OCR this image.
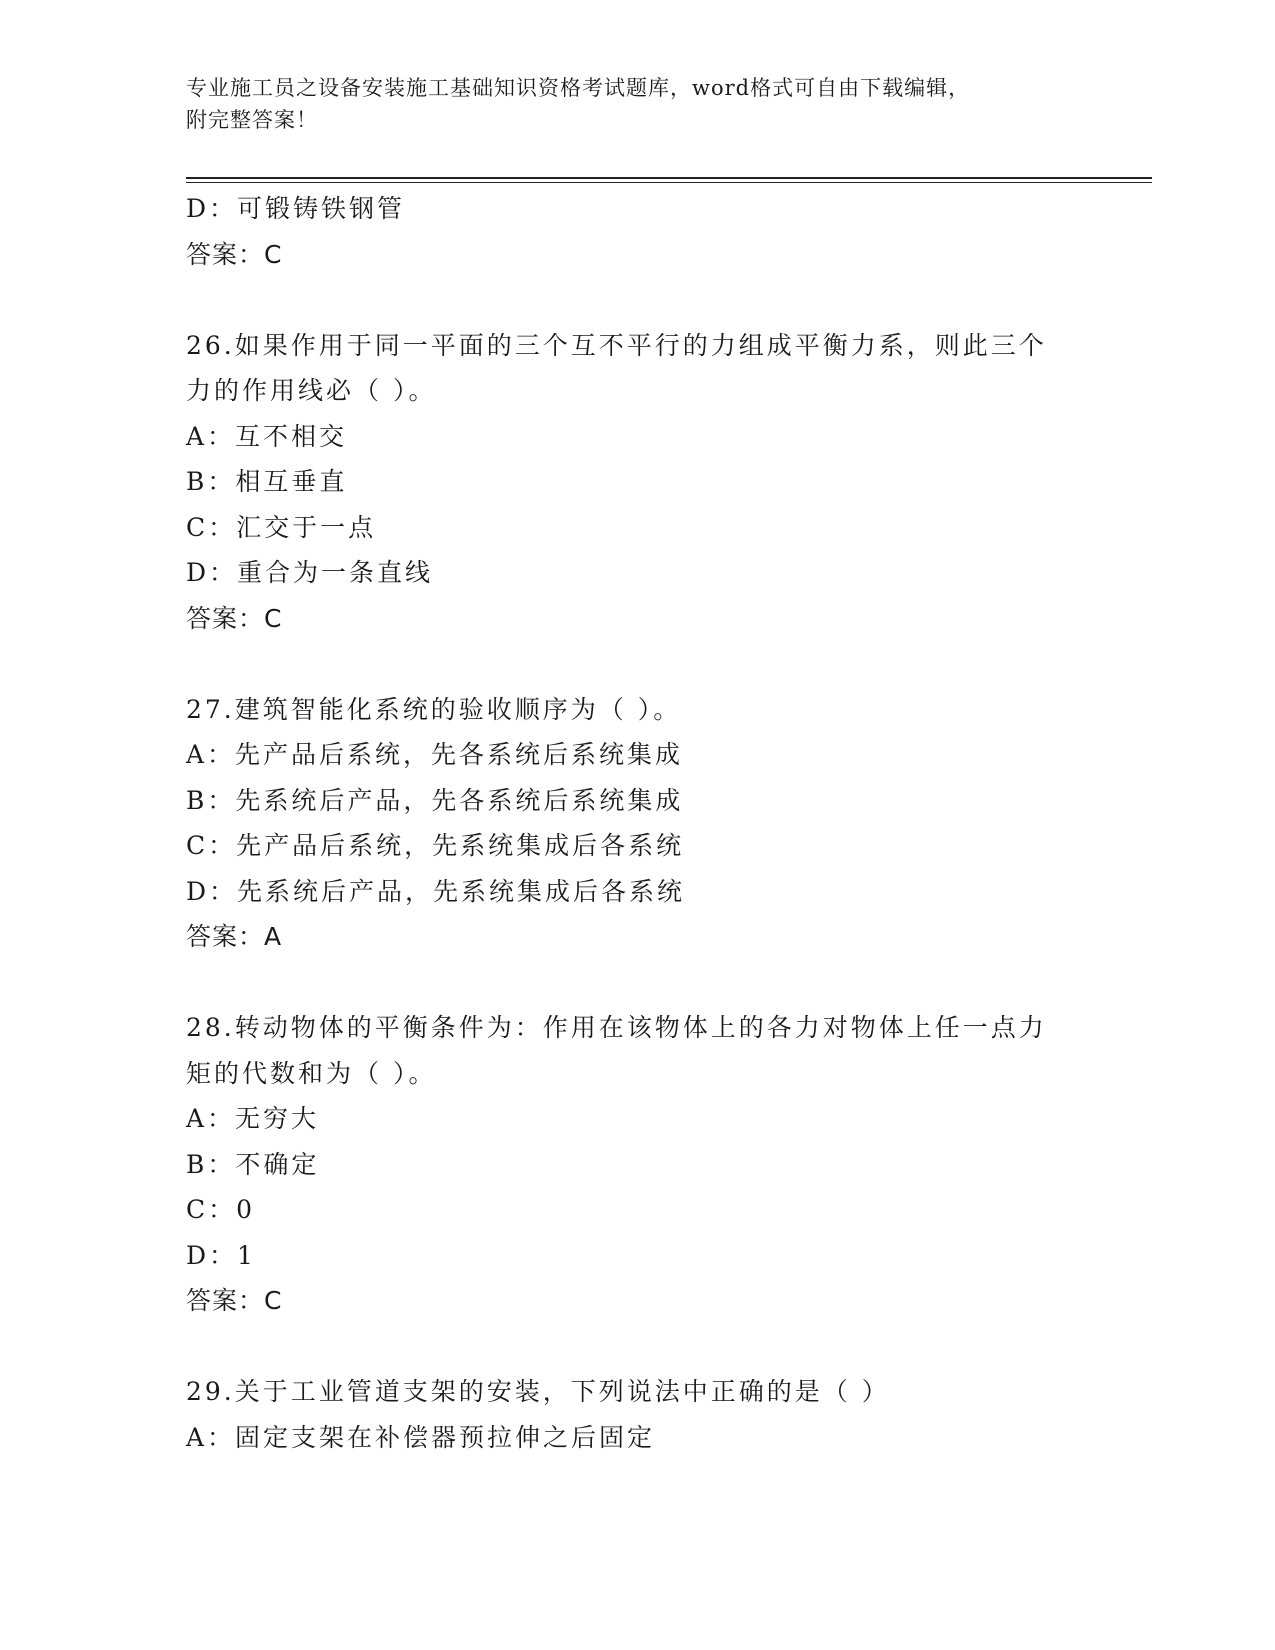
专业施工员之设备安装施工基础知识资格考试题库，word格式可自由下载编辑，
附完整答案！
D：可锻铸铁钢管
答案：C
26.如果作用于同一平面的三个互不平行的力组成平衡力系，则此三个
力的作用线必（ ）。
A：互不相交
B：相互垂直
C：汇交于一点
D：重合为一条直线
答案：C
27.建筑智能化系统的验收顺序为（ ）。
A：先产品后系统，先各系统后系统集成
B：先系统后产品，先各系统后系统集成
C：先产品后系统，先系统集成后各系统
D：先系统后产品，先系统集成后各系统
答案：A
28.转动物体的平衡条件为：作用在该物体上的各力对物体上任一点力
矩的代数和为（ ）。
A：无穷大
B：不确定
C：0
D：1
答案：C
29.关于工业管道支架的安装，下列说法中正确的是（ ）
A：固定支架在补偿器预拉伸之后固定
